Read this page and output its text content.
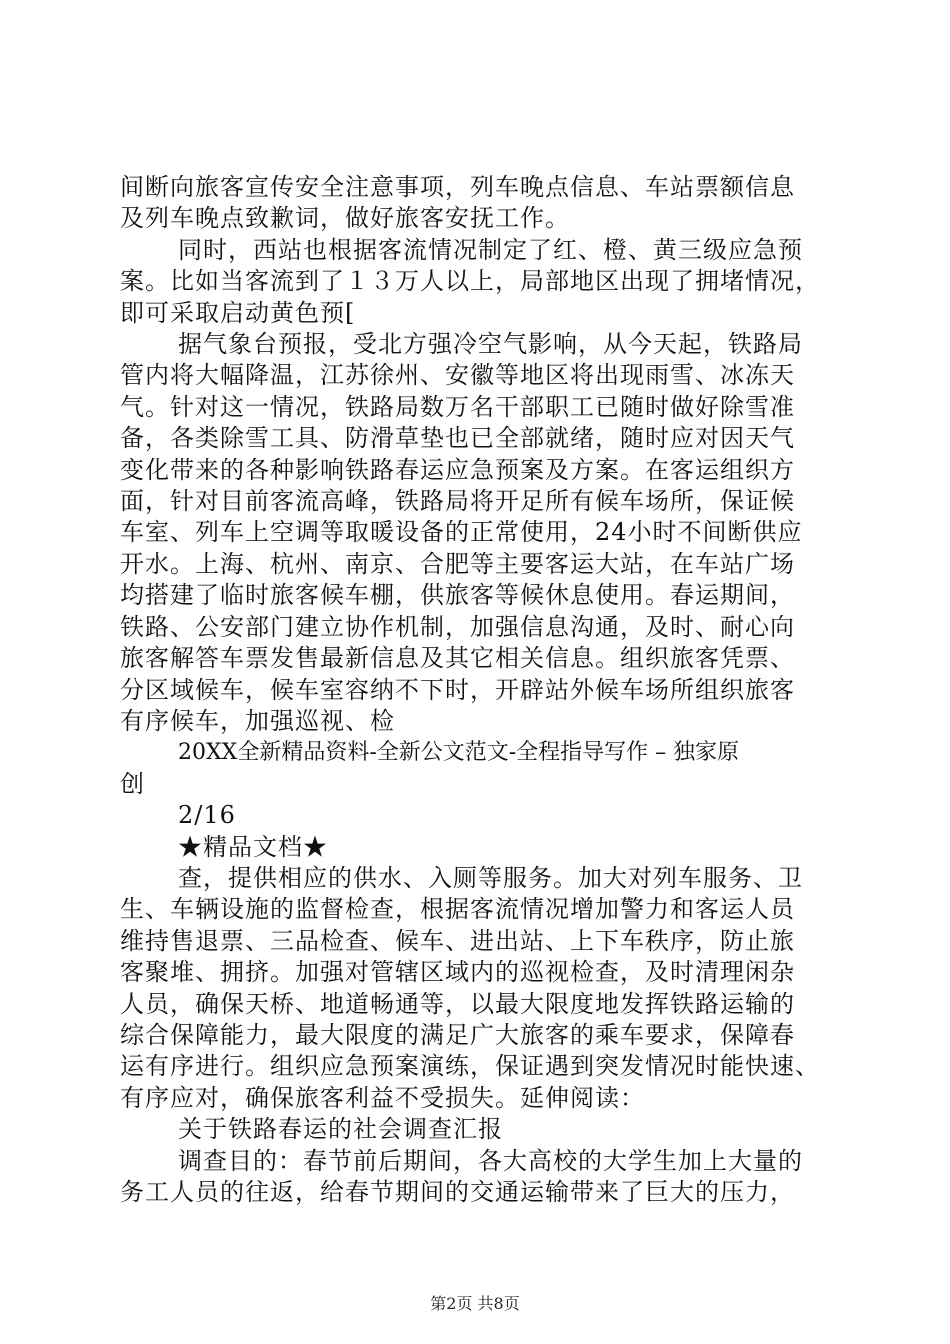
间断向旅客宣传安全注意事项，列车晚点信息、车站票额信息
及列车晚点致歉词，做好旅客安抚工作。
同时，西站也根据客流情况制定了红、橙、黄三级应急预
案。比如当客流到了１３万人以上，局部地区出现了拥堵情况，
即可采取启动黄色预[
据气象台预报，受北方强冷空气影响，从今天起，铁路局
管内将大幅降温，江苏徐州、安徽等地区将出现雨雪、冰冻天
气。针对这一情况，铁路局数万名干部职工已随时做好除雪准
备，各类除雪工具、防滑草垫也已全部就绪，随时应对因天气
变化带来的各种影响铁路春运应急预案及方案。在客运组织方
面，针对目前客流高峰，铁路局将开足所有候车场所，保证候
车室、列车上空调等取暖设备的正常使用，24小时不间断供应
开水。上海、杭州、南京、合肥等主要客运大站，在车站广场
均搭建了临时旅客候车棚，供旅客等候休息使用。春运期间，
铁路、公安部门建立协作机制，加强信息沟通，及时、耐心向
旅客解答车票发售最新信息及其它相关信息。组织旅客凭票、
分区域候车，候车室容纳不下时，开辟站外候车场所组织旅客
有序候车，加强巡视、检
20XX全新精品资料-全新公文范文-全程指导写作 – 独家原
创
2/16
★精品文档★
查，提供相应的供水、入厕等服务。加大对列车服务、卫
生、车辆设施的监督检查，根据客流情况增加警力和客运人员
维持售退票、三品检查、候车、进出站、上下车秩序，防止旅
客聚堆、拥挤。加强对管辖区域内的巡视检查，及时清理闲杂
人员，确保天桥、地道畅通等，以最大限度地发挥铁路运输的
综合保障能力，最大限度的满足广大旅客的乘车要求，保障春
运有序进行。组织应急预案演练，保证遇到突发情况时能快速、
有序应对，确保旅客利益不受损失。延伸阅读：
关于铁路春运的社会调查汇报
调查目的：春节前后期间，各大高校的大学生加上大量的
务工人员的往返，给春节期间的交通运输带来了巨大的压力，
第2页 共8页
